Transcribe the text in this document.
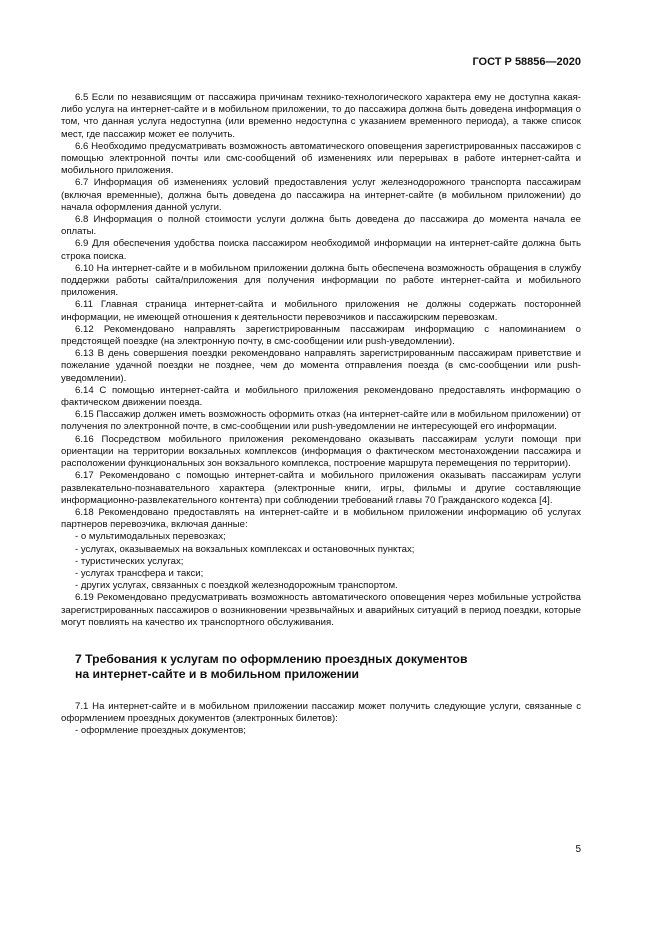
ГОСТ Р 58856—2020

6.5 Если по независящим от пассажира причинам технико-технологического характера ему не доступна какая-либо услуга на интернет-сайте и в мобильном приложении, то до пассажира должна быть доведена информация о том, что данная услуга недоступна (или временно недоступна с указанием временного периода), а также список мест, где пассажир может ее получить.

6.6 Необходимо предусматривать возможность автоматического оповещения зарегистрированных пассажиров с помощью электронной почты или смс-сообщений об изменениях или перерывах в работе интернет-сайта и мобильного приложения.

6.7 Информация об изменениях условий предоставления услуг железнодорожного транспорта пассажирам (включая временные), должна быть доведена до пассажира на интернет-сайте (в мобильном приложении) до начала оформления данной услуги.

6.8 Информация о полной стоимости услуги должна быть доведена до пассажира до момента начала ее оплаты.

6.9 Для обеспечения удобства поиска пассажиром необходимой информации на интернет-сайте должна быть строка поиска.

6.10 На интернет-сайте и в мобильном приложении должна быть обеспечена возможность обращения в службу поддержки работы сайта/приложения для получения информации по работе интернет-сайта и мобильного приложения.

6.11 Главная страница интернет-сайта и мобильного приложения не должны содержать посторонней информации, не имеющей отношения к деятельности перевозчиков и пассажирским перевозкам.

6.12 Рекомендовано направлять зарегистрированным пассажирам информацию с напоминанием о предстоящей поездке (на электронную почту, в смс-сообщении или push-уведомлении).

6.13 В день совершения поездки рекомендовано направлять зарегистрированным пассажирам приветствие и пожелание удачной поездки не позднее, чем до момента отправления поезда (в смс-сообщении или push-уведомлении).

6.14 С помощью интернет-сайта и мобильного приложения рекомендовано предоставлять информацию о фактическом движении поезда.

6.15 Пассажир должен иметь возможность оформить отказ (на интернет-сайте или в мобильном приложении) от получения по электронной почте, в смс-сообщении или push-уведомлении не интересующей его информации.

6.16 Посредством мобильного приложения рекомендовано оказывать пассажирам услуги помощи при ориентации на территории вокзальных комплексов (информация о фактическом местонахождении пассажира и расположении функциональных зон вокзального комплекса, построение маршрута перемещения по территории).

6.17 Рекомендовано с помощью интернет-сайта и мобильного приложения оказывать пассажирам услуги развлекательно-познавательного характера (электронные книги, игры, фильмы и другие составляющие информационно-развлекательного контента) при соблюдении требований главы 70 Гражданского кодекса [4].

6.18 Рекомендовано предоставлять на интернет-сайте и в мобильном приложении информацию об услугах партнеров перевозчика, включая данные:

- о мультимодальных перевозках;

- услугах, оказываемых на вокзальных комплексах и остановочных пунктах;

- туристических услугах;

- услугах трансфера и такси;

- других услугах, связанных с поездкой железнодорожным транспортом.

6.19 Рекомендовано предусматривать возможность автоматического оповещения через мобильные устройства зарегистрированных пассажиров о возникновении чрезвычайных и аварийных ситуаций в период поездки, которые могут повлиять на качество их транспортного обслуживания.

7 Требования к услугам по оформлению проездных документов
на интернет-сайте и в мобильном приложении

7.1 На интернет-сайте и в мобильном приложении пассажир может получить следующие услуги, связанные с оформлением проездных документов (электронных билетов):

- оформление проездных документов;

5
